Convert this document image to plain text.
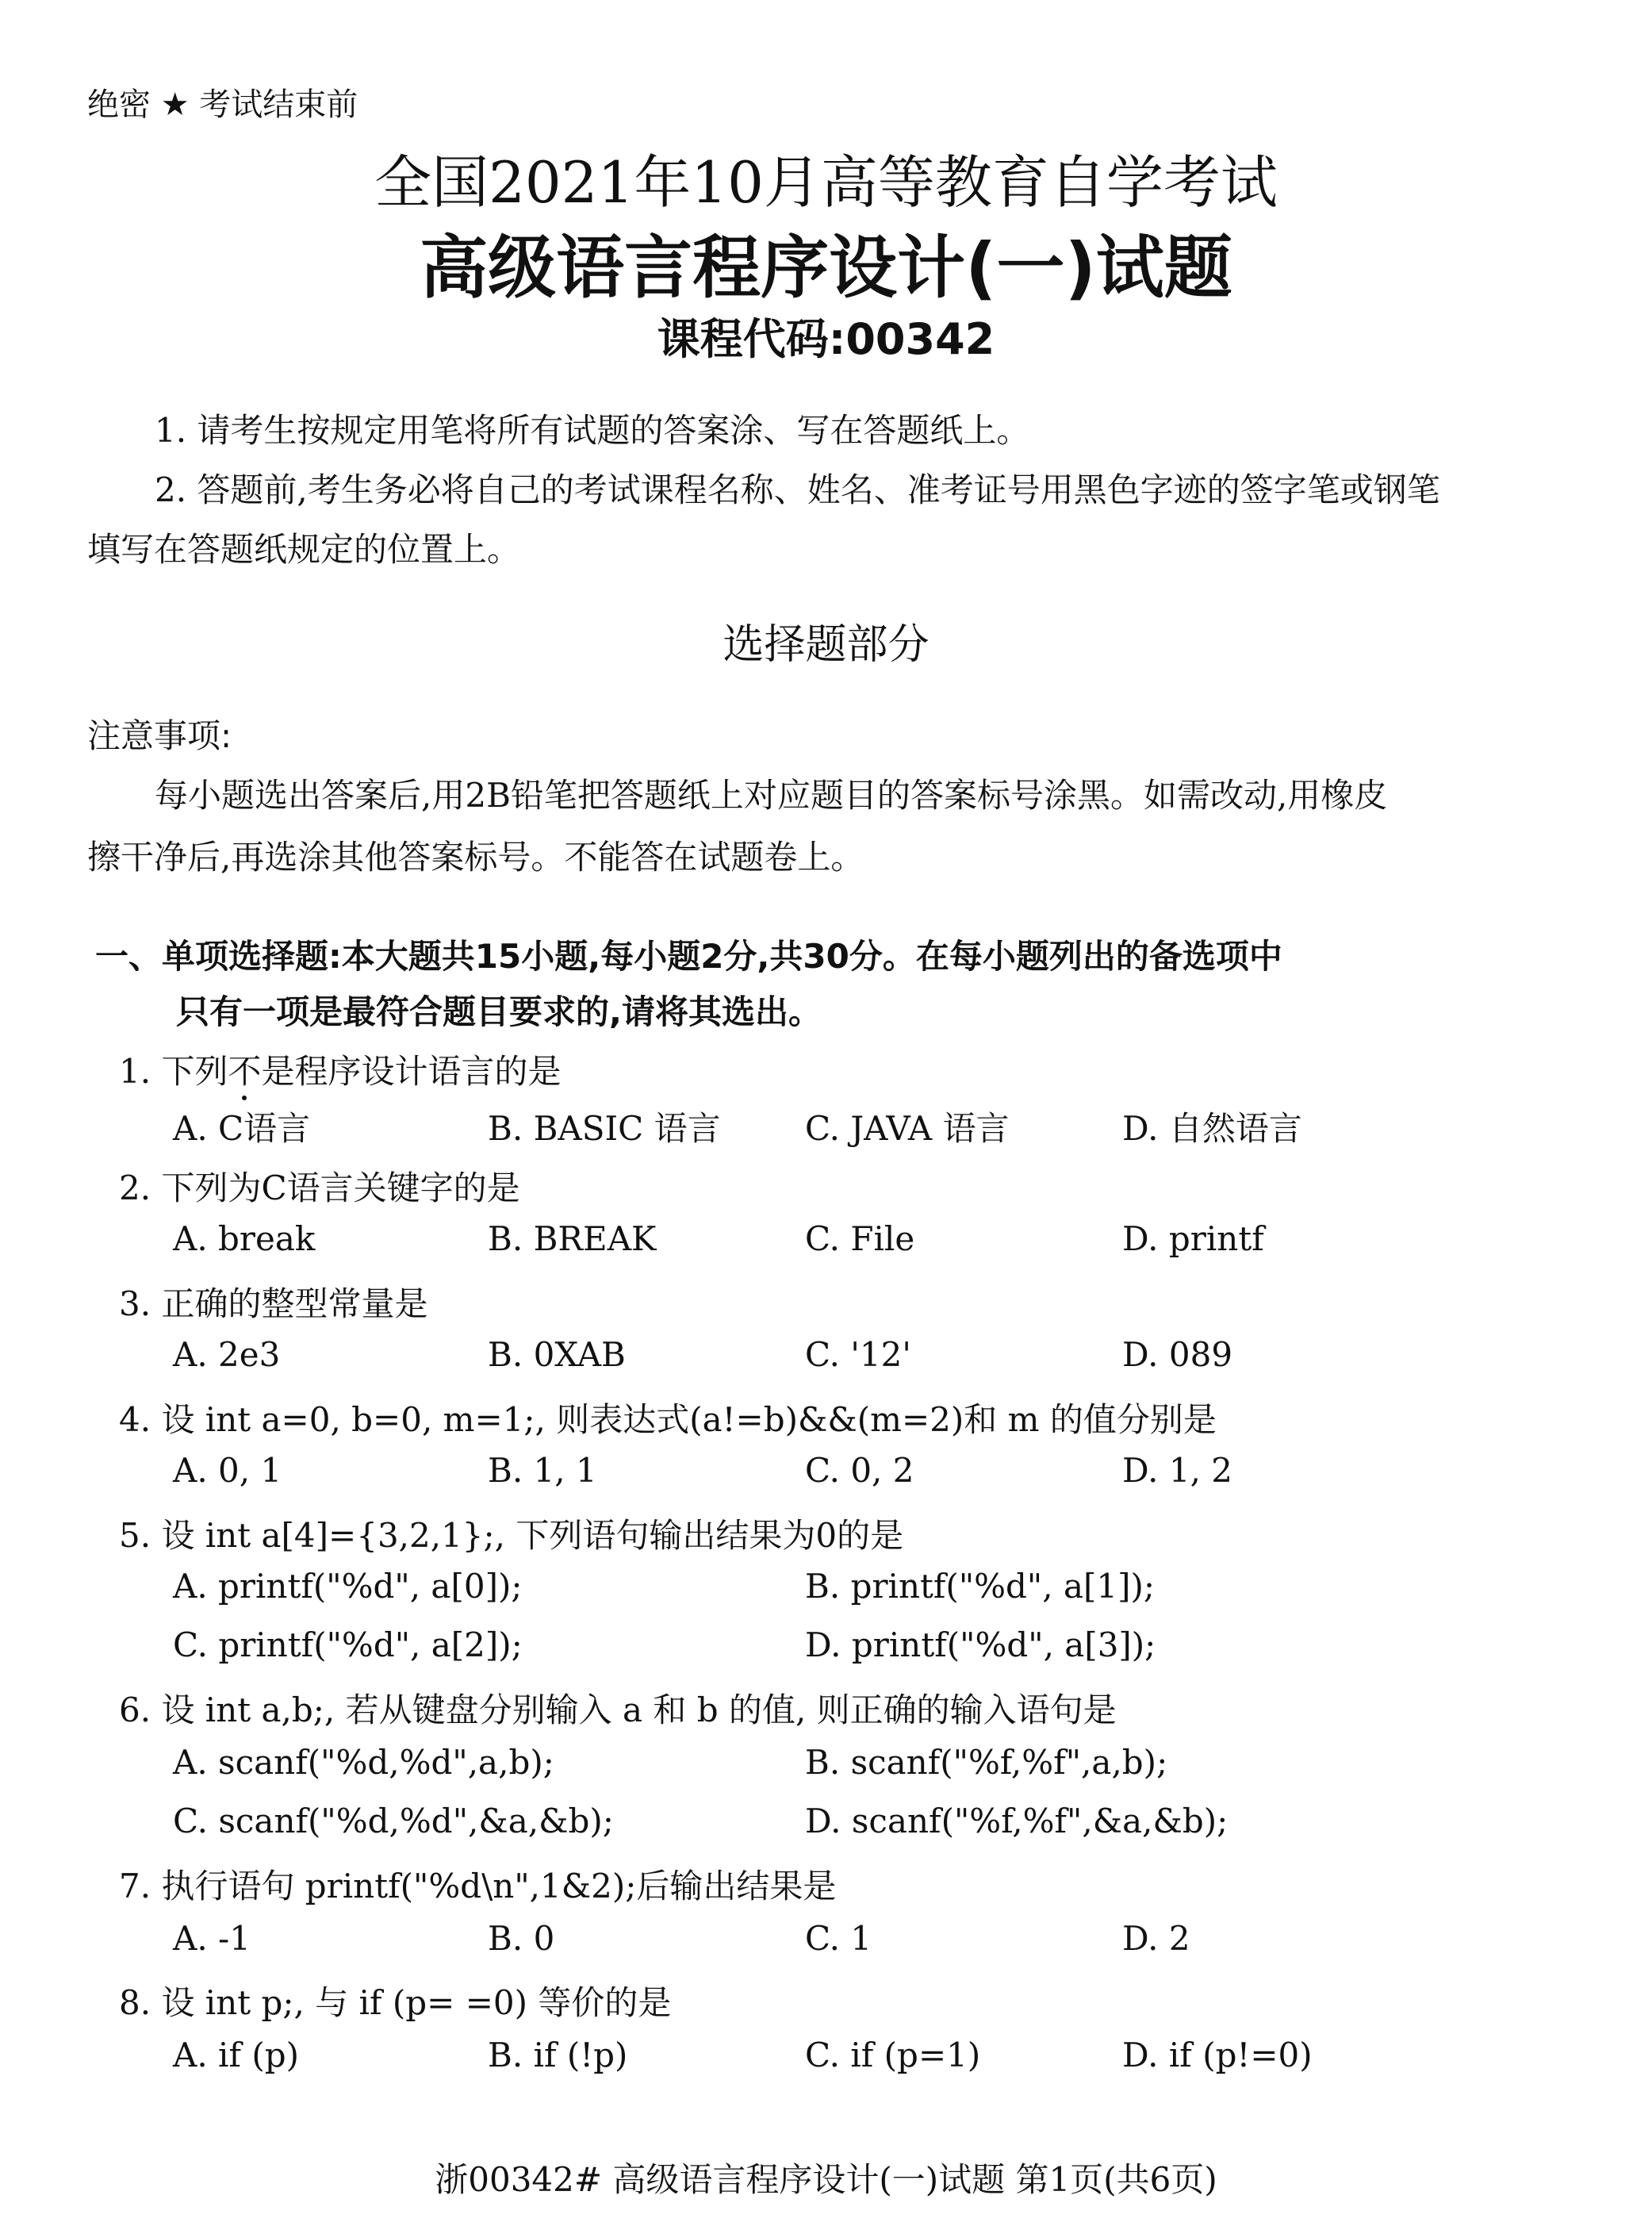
绝密 ★ 考试结束前
全国2021年10月高等教育自学考试
高级语言程序设计(一)试题
课程代码:00342
1. 请考生按规定用笔将所有试题的答案涂、写在答题纸上。
2. 答题前,考生务必将自己的考试课程名称、姓名、准考证号用黑色字迹的签字笔或钢笔
填写在答题纸规定的位置上。
选择题部分
注意事项:
每小题选出答案后,用2B铅笔把答题纸上对应题目的答案标号涂黑。如需改动,用橡皮
擦干净后,再选涂其他答案标号。不能答在试题卷上。
一、单项选择题:本大题共15小题,每小题2分,共30分。在每小题列出的备选项中
只有一项是最符合题目要求的,请将其选出。
1. 下列不是程序设计语言的是
A. C语言	B. BASIC 语言	C. JAVA 语言	D. 自然语言
2. 下列为C语言关键字的是
A. break	B. BREAK	C. File	D. printf
3. 正确的整型常量是
A. 2e3	B. 0XAB	C. '12'	D. 089
4. 设 int a=0, b=0, m=1;, 则表达式(a!=b)&&(m=2)和 m 的值分别是
A. 0, 1	B. 1, 1	C. 0, 2	D. 1, 2
5. 设 int a[4]={3,2,1};, 下列语句输出结果为0的是
A. printf("%d", a[0]);	B. printf("%d", a[1]);
C. printf("%d", a[2]);	D. printf("%d", a[3]);
6. 设 int a,b;, 若从键盘分别输入 a 和 b 的值, 则正确的输入语句是
A. scanf("%d,%d",a,b);	B. scanf("%f,%f",a,b);
C. scanf("%d,%d",&a,&b);	D. scanf("%f,%f",&a,&b);
7. 执行语句 printf("%d\n",1&2);后输出结果是
A. -1	B. 0	C. 1	D. 2
8. 设 int p;, 与 if (p= =0) 等价的是
A. if (p)	B. if (!p)	C. if (p=1)	D. if (p!=0)
浙00342# 高级语言程序设计(一)试题 第1页(共6页)
